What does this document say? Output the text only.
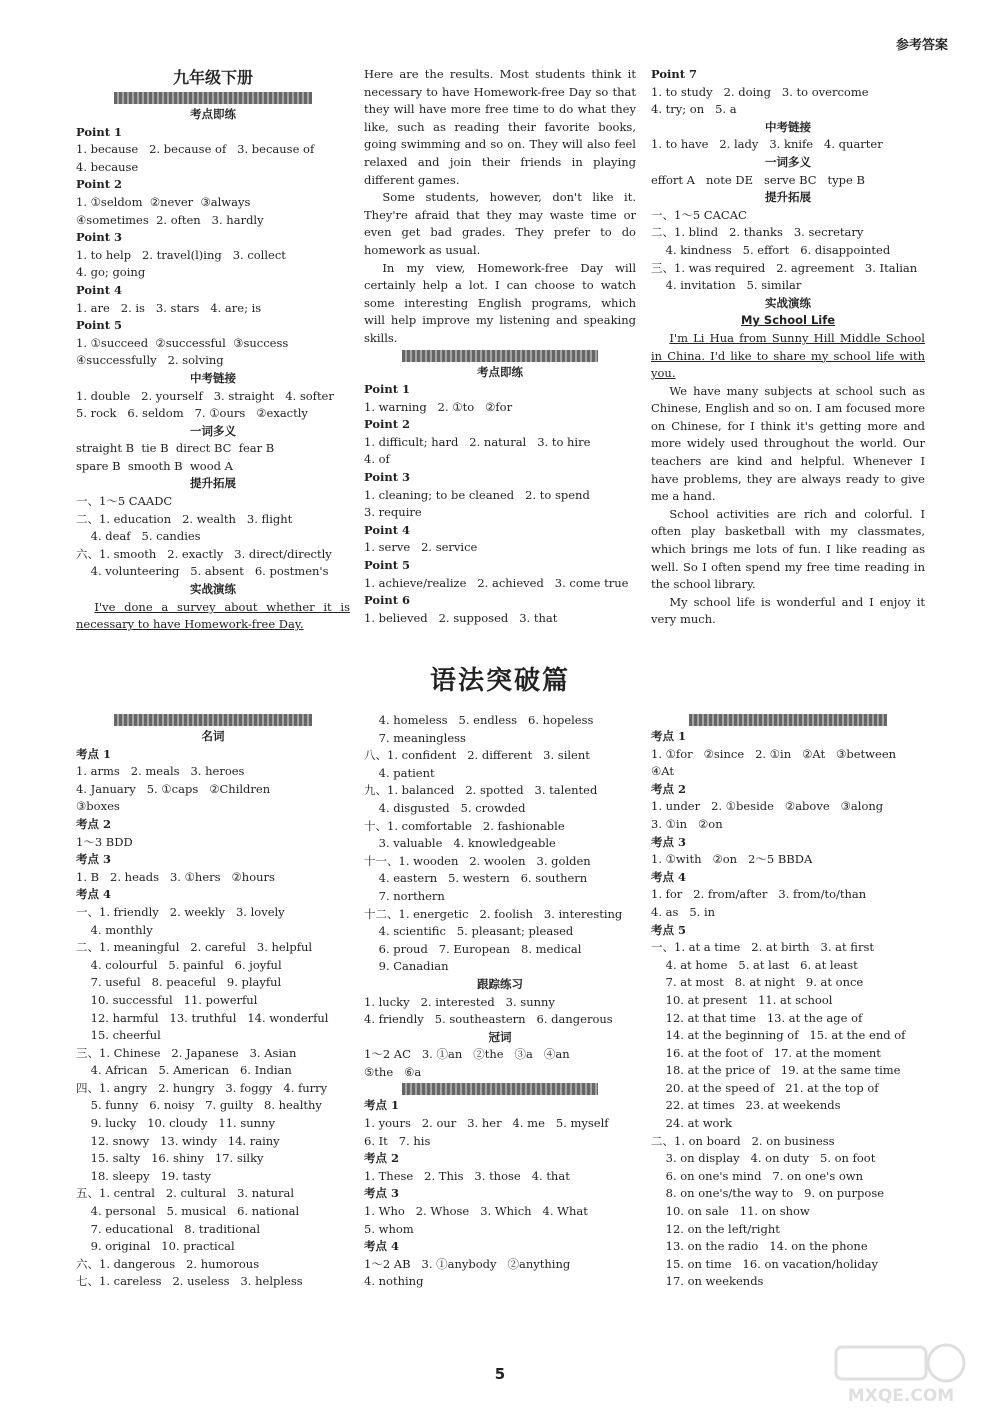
参考答案
九年级下册
考点即练
Point 1
1. because   2. because of   3. because of
4. because
Point 2
1. ①seldom  ②never  ③always
④sometimes  2. often   3. hardly
Point 3
1. to help   2. travel(l)ing   3. collect
4. go; going
Point 4
1. are   2. is   3. stars   4. are; is
Point 5
1. ①succeed  ②successful  ③success
④successfully   2. solving
中考链接
1. double   2. yourself   3. straight   4. softer
5. rock   6. seldom   7. ①ours   ②exactly
一词多义
straight B  tie B  direct BC  fear B
spare B  smooth B  wood A
提升拓展
一、1～5 CAADC
二、1. education   2. wealth   3. flight
4. deaf   5. candies
六、1. smooth   2. exactly   3. direct/directly
4. volunteering   5. absent   6. postmen's
实战演练
I've done a survey about whether it is necessary to have Homework-free Day.
Here are the results. Most students think it necessary to have Homework-free Day so that they will have more free time to do what they like, such as reading their favorite books, going swimming and so on. They will also feel relaxed and join their friends in playing different games.
Some students, however, don't like it. They're afraid that they may waste time or even get bad grades. They prefer to do homework as usual.
In my view, Homework-free Day will certainly help a lot. I can choose to watch some interesting English programs, which will help improve my listening and speaking skills.
考点即练
Point 1
1. warning   2. ①to   ②for
Point 2
1. difficult; hard   2. natural   3. to hire
4. of
Point 3
1. cleaning; to be cleaned   2. to spend
3. require
Point 4
1. serve   2. service
Point 5
1. achieve/realize   2. achieved   3. come true
Point 6
1. believed   2. supposed   3. that
Point 7
1. to study   2. doing   3. to overcome
4. try; on   5. a
中考链接
1. to have   2. lady   3. knife   4. quarter
一词多义
effort A   note DE   serve BC   type B
提升拓展
一、1～5 CACAC
二、1. blind   2. thanks   3. secretary
4. kindness   5. effort   6. disappointed
三、1. was required   2. agreement   3. Italian
4. invitation   5. similar
实战演练
My School Life
I'm Li Hua from Sunny Hill Middle School in China. I'd like to share my school life with you.
We have many subjects at school such as Chinese, English and so on. I am focused more on Chinese, for I think it's getting more and more widely used throughout the world. Our teachers are kind and helpful. Whenever I have problems, they are always ready to give me a hand.
School activities are rich and colorful. I often play basketball with my classmates, which brings me lots of fun. I like reading as well. So I often spend my free time reading in the school library.
My school life is wonderful and I enjoy it very much.
语法突破篇
名词
考点 1
1. arms   2. meals   3. heroes
4. January   5. ①caps   ②Children
③boxes
考点 2
1～3 BDD
考点 3
1. B   2. heads   3. ①hers   ②hours
考点 4
一、1. friendly   2. weekly   3. lovely
4. monthly
二、1. meaningful   2. careful   3. helpful
4. colourful   5. painful   6. joyful
7. useful   8. peaceful   9. playful
10. successful   11. powerful
12. harmful   13. truthful   14. wonderful
15. cheerful
三、1. Chinese   2. Japanese   3. Asian
4. African   5. American   6. Indian
四、1. angry   2. hungry   3. foggy   4. furry
5. funny   6. noisy   7. guilty   8. healthy
9. lucky   10. cloudy   11. sunny
12. snowy   13. windy   14. rainy
15. salty   16. shiny   17. silky
18. sleepy   19. tasty
五、1. central   2. cultural   3. natural
4. personal   5. musical   6. national
7. educational   8. traditional
9. original   10. practical
六、1. dangerous   2. humorous
七、1. careless   2. useless   3. helpless
4. homeless   5. endless   6. hopeless
7. meaningless
八、1. confident   2. different   3. silent
4. patient
九、1. balanced   2. spotted   3. talented
4. disgusted   5. crowded
十、1. comfortable   2. fashionable
3. valuable   4. knowledgeable
十一、1. wooden   2. woolen   3. golden
4. eastern   5. western   6. southern
7. northern
十二、1. energetic   2. foolish   3. interesting
4. scientific   5. pleasant; pleased
6. proud   7. European   8. medical
9. Canadian
跟踪练习
1. lucky   2. interested   3. sunny
4. friendly   5. southeastern   6. dangerous
冠词
1～2 AC   3. ①an   ②the   ③a   ④an
⑤the   ⑥a
考点 1
1. yours   2. our   3. her   4. me   5. myself
6. It   7. his
考点 2
1. These   2. This   3. those   4. that
考点 3
1. Who   2. Whose   3. Which   4. What
5. whom
考点 4
1～2 AB   3. ①anybody   ②anything
4. nothing
考点 1
1. ①for   ②since   2. ①in   ②At   ③between
④At
考点 2
1. under   2. ①beside   ②above   ③along
3. ①in   ②on
考点 3
1. ①with   ②on   2～5 BBDA
考点 4
1. for   2. from/after   3. from/to/than
4. as   5. in
考点 5
一、1. at a time   2. at birth   3. at first
4. at home   5. at last   6. at least
7. at most   8. at night   9. at once
10. at present   11. at school
12. at that time   13. at the age of
14. at the beginning of   15. at the end of
16. at the foot of   17. at the moment
18. at the price of   19. at the same time
20. at the speed of   21. at the top of
22. at times   23. at weekends
24. at work
二、1. on board   2. on business
3. on display   4. on duty   5. on foot
6. on one's mind   7. on one's own
8. on one's/the way to   9. on purpose
10. on sale   11. on show
12. on the left/right
13. on the radio   14. on the phone
15. on time   16. on vacation/holiday
17. on weekends
5
MXQE.COM
